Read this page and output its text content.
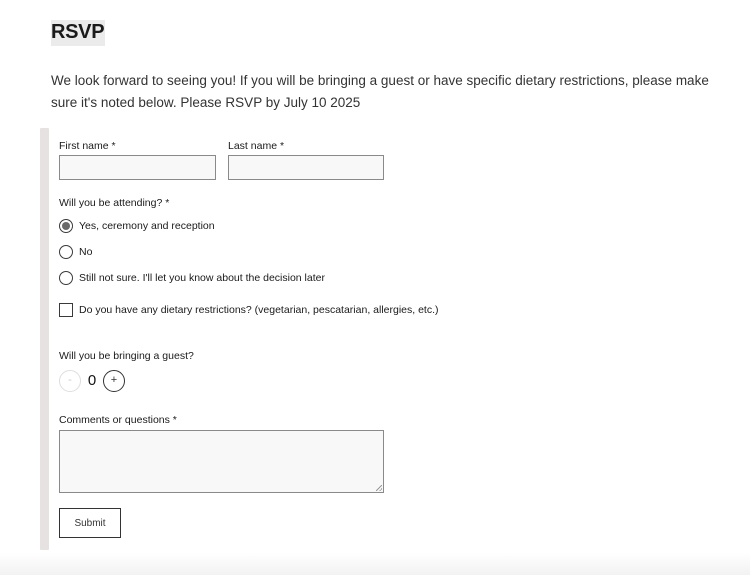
RSVP

We look forward to seeing you! If you will be bringing a guest or have specific dietary restrictions, please make sure it's noted below. Please RSVP by July 10 2025

First name *	Last name *
Will you be attending? *
Yes, ceremony and reception
No
Still not sure. I'll let you know about the decision later
Do you have any dietary restrictions? (vegetarian, pescatarian, allergies, etc.)
Will you be bringing a guest?
-	0	+
Comments or questions *
Submit
